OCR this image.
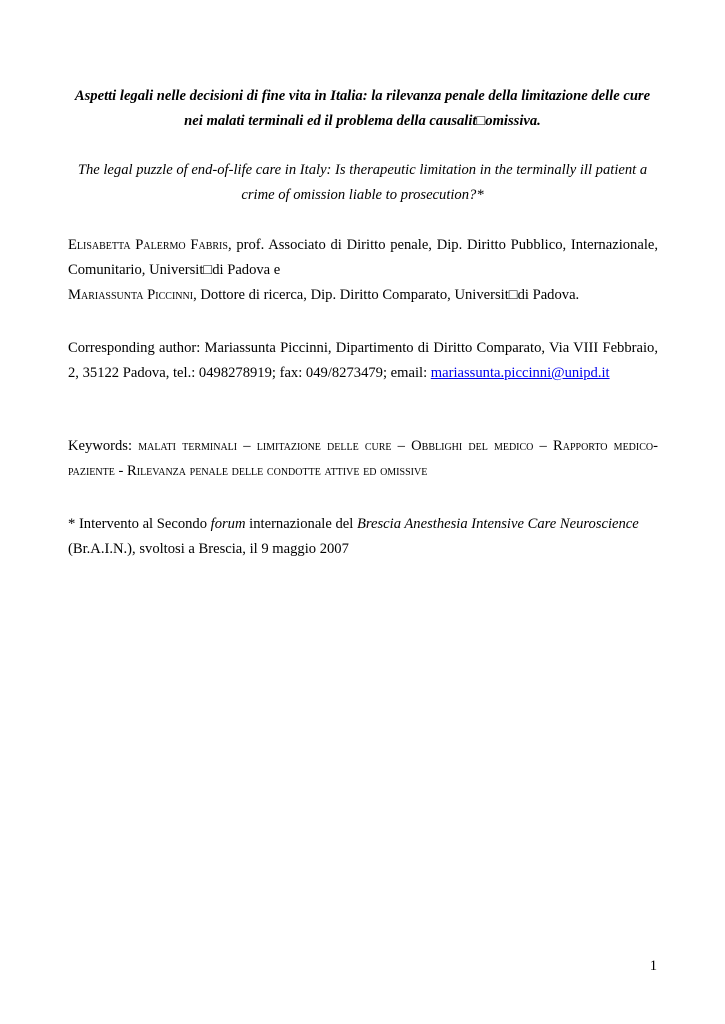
Aspetti legali nelle decisioni di fine vita in Italia: la rilevanza penale della limitazione delle cure
nei malati terminali ed il problema della causalit□omissiva.
The legal puzzle of end-of-life care in Italy: Is therapeutic limitation in the terminally ill patient a
crime of omission liable to prosecution?*

Elisabetta Palermo Fabris, prof. Associato di Diritto penale, Dip. Diritto Pubblico, Internazionale, Comunitario, Universit□di Padova e

Mariassunta Piccinni, Dottore di ricerca, Dip. Diritto Comparato, Universit□di Padova.

Corresponding author: Mariassunta Piccinni, Dipartimento di Diritto Comparato, Via VIII Febbraio, 2, 35122 Padova, tel.: 0498278919; fax: 049/8273479; email: mariassunta.piccinni@unipd.it
Keywords: malati terminali – limitazione delle cure – Obblighi del medico – Rapporto medico-paziente - Rilevanza penale delle condotte attive ed omissive
* Intervento al Secondo forum internazionale del Brescia Anesthesia Intensive Care Neuroscience (Br.A.I.N.), svoltosi a Brescia, il 9 maggio 2007
1
